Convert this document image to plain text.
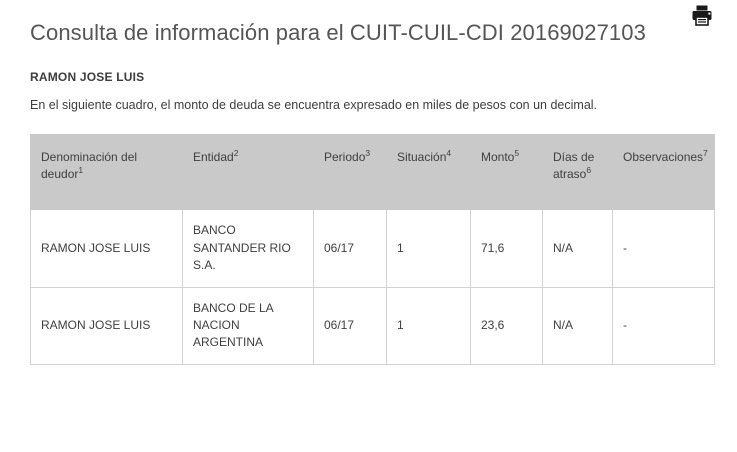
Consulta de información para el CUIT-CUIL-CDI 20169027103
RAMON JOSE LUIS
En el siguiente cuadro, el monto de deuda se encuentra expresado en miles de pesos con un decimal.
Denominación del deudor$^1$	Entidad$^2$	Periodo$^3$	Situación$^4$	Monto$^5$	Días de atraso$^6$	Observaciones$^7$
RAMON JOSE LUIS	BANCO SANTANDER RIO S.A.	06/17	1	71,6	N/A	-
RAMON JOSE LUIS	BANCO DE LA NACION ARGENTINA	06/17	1	23,6	N/A	-
